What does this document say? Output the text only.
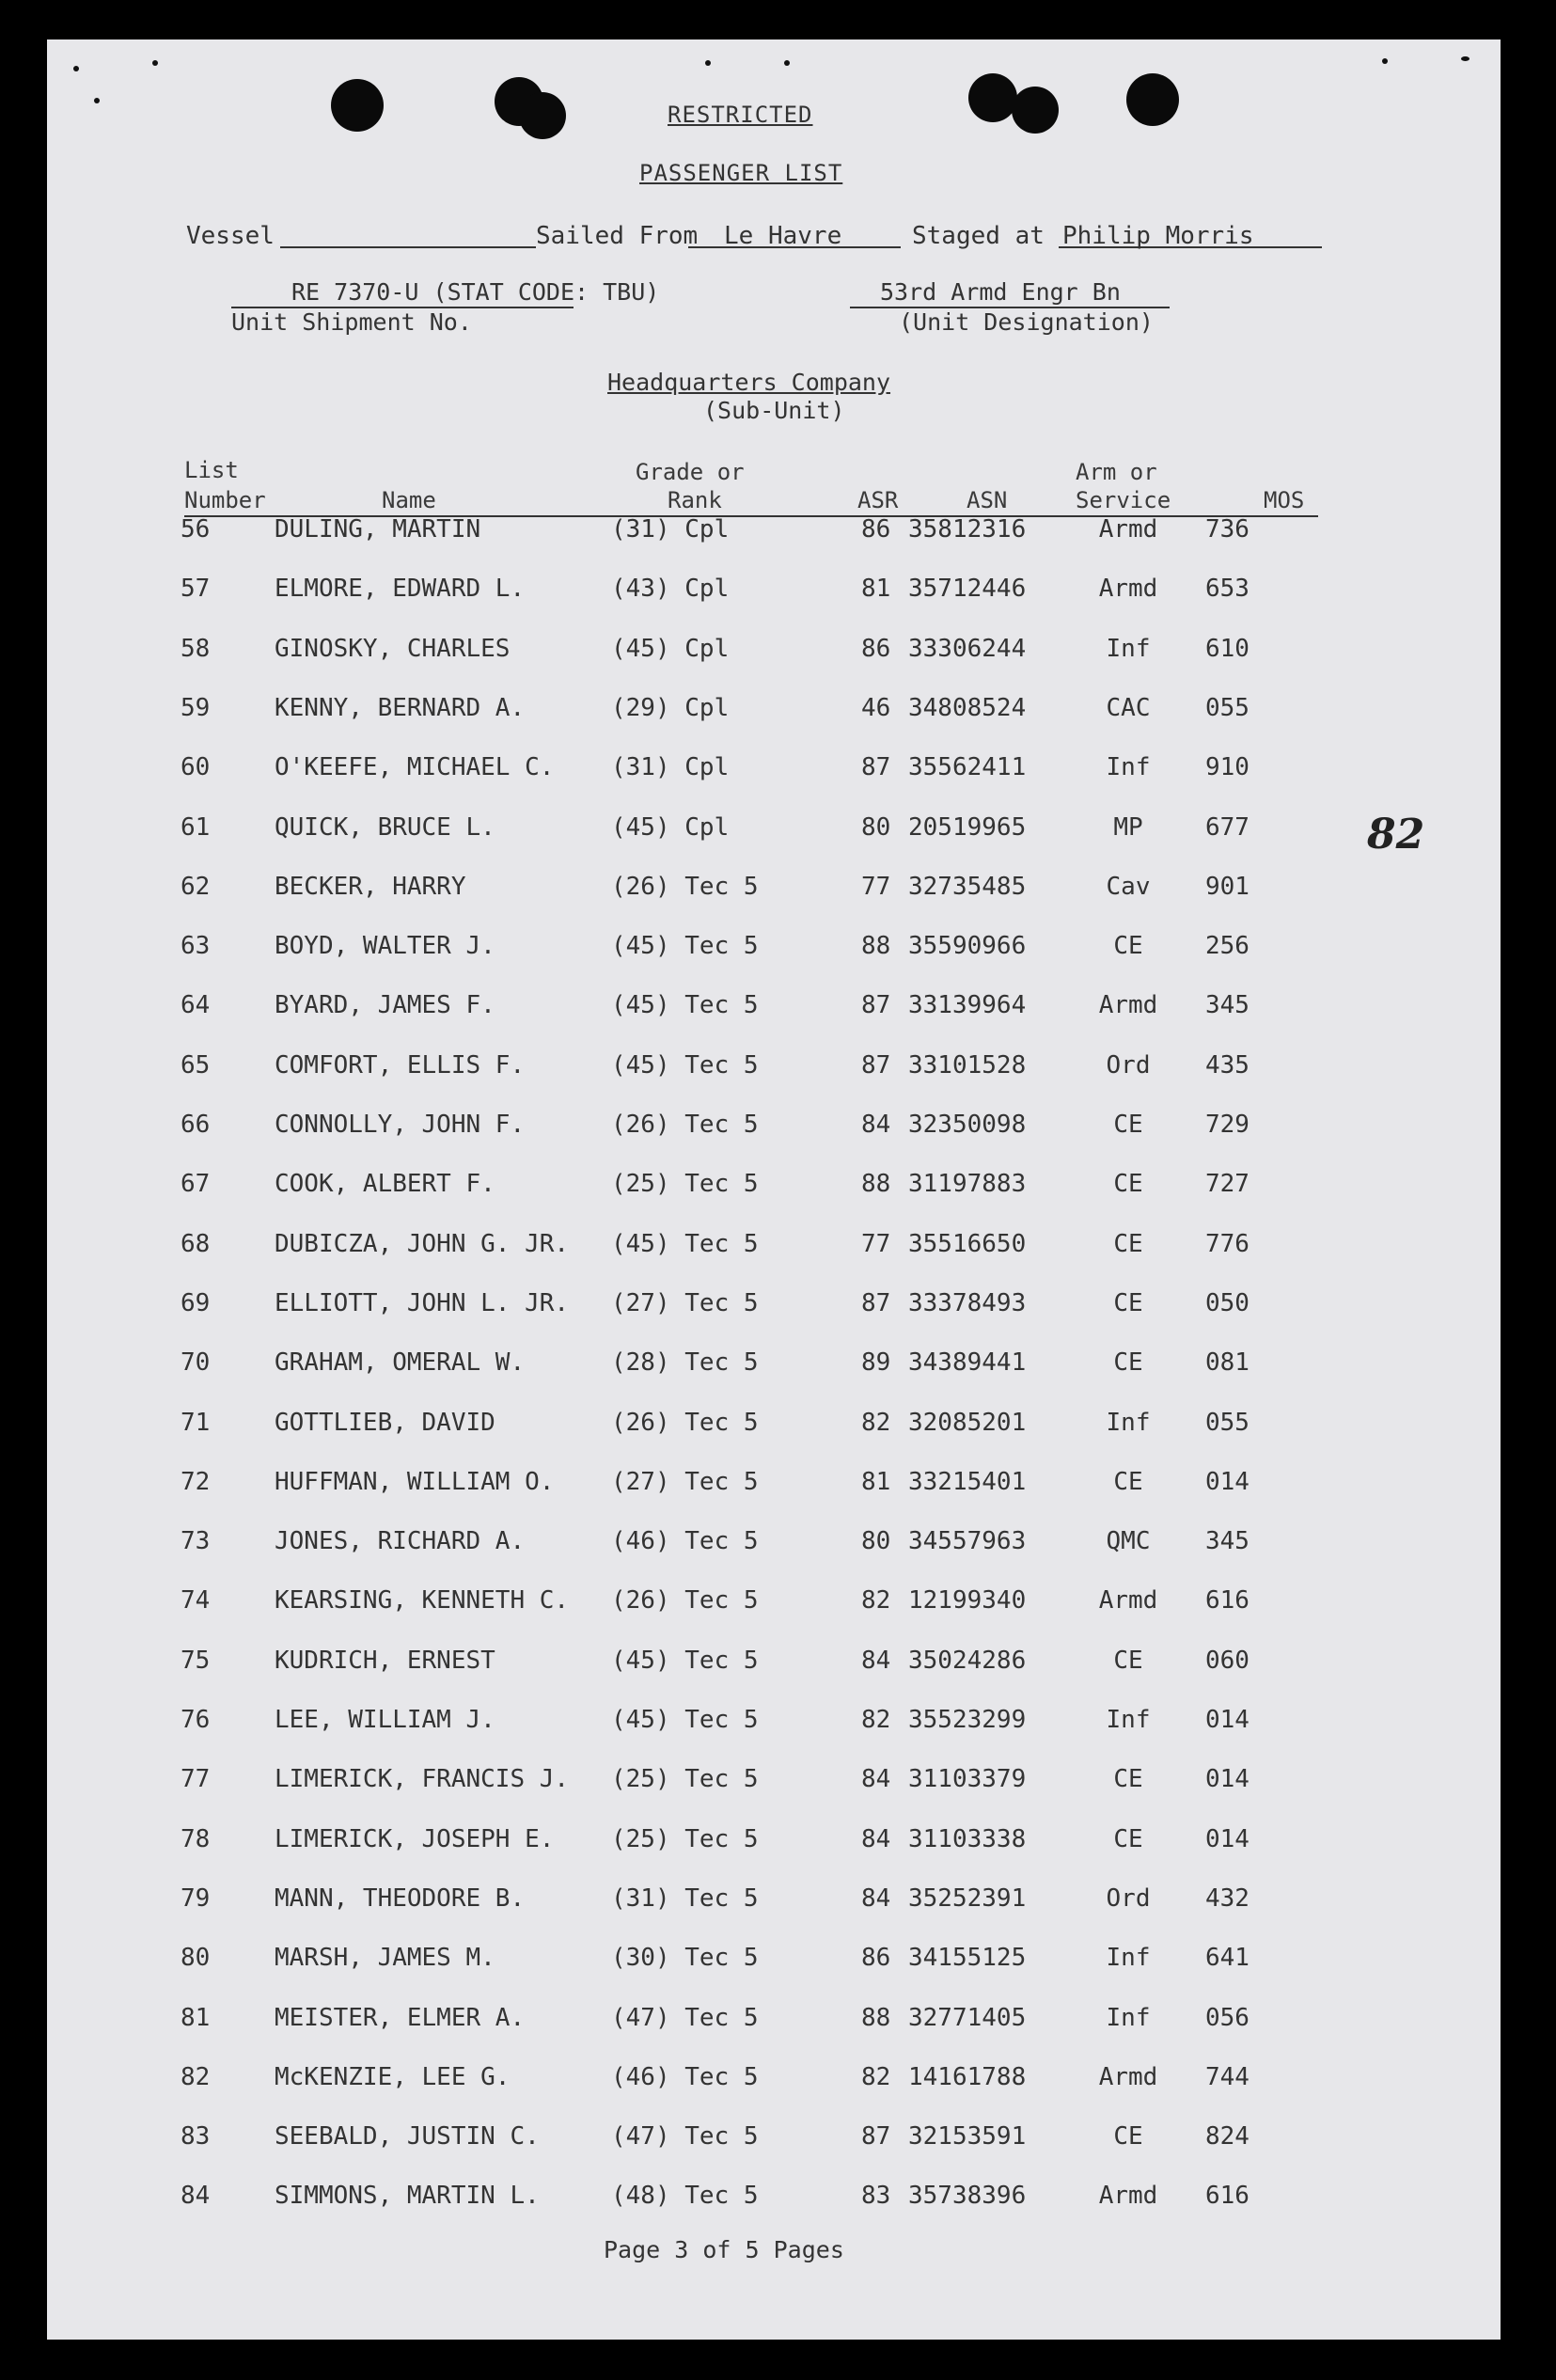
RESTRICTED
PASSENGER LIST
Vessel	Sailed From Le Havre	Staged at Philip Morris
RE 7370-U (STAT CODE: TBU)
Unit Shipment No.
53rd Armd Engr Bn
(Unit Designation)
Headquarters Company
(Sub-Unit)
List
Number	Name
Grade or
Rank	ASR	ASN
Arm or
Service	MOS
56	DULING, MARTIN	(31) Cpl	86 35812316	Armd	736
57	ELMORE, EDWARD L.	(43) Cpl	81 35712446	Armd	653
58	GINOSKY, CHARLES	(45) Cpl	86 33306244	Inf	610
59	KENNY, BERNARD A.	(29) Cpl	46 34808524	CAC	055
60	O'KEEFE, MICHAEL C. (31) Cpl	87 35562411	Inf	910
61	QUICK, BRUCE L.	(45) Cpl	80 20519965	MP	677
62	BECKER, HARRY	(26) Tec 5	77 32735485	Cav	901
63	BOYD, WALTER J.	(45) Tec 5	88 35590966	CE	256
64	BYARD, JAMES F.	(45) Tec 5	87 33139964	Armd	345
65	COMFORT, ELLIS F.	(45) Tec 5	87 33101528	Ord	435
66	CONNOLLY, JOHN F.	(26) Tec 5	84 32350098	CE	729
67	COOK, ALBERT F.	(25) Tec 5	88 31197883	CE	727
68	DUBICZA, JOHN G. JR. (45) Tec 5	77 35516650	CE	776
69	ELLIOTT, JOHN L. JR. (27) Tec 5	87 33378493	CE	050
70	GRAHAM, OMERAL W.	(28) Tec 5	89 34389441	CE	081
71	GOTTLIEB, DAVID	(26) Tec 5	82 32085201	Inf	055
72	HUFFMAN, WILLIAM O. (27) Tec 5	81 33215401	CE	014
73	JONES, RICHARD A.	(46) Tec 5	80 34557963	QMC	345
74	KEARSING, KENNETH C. (26) Tec 5	82 12199340	Armd	616
75	KUDRICH, ERNEST	(45) Tec 5	84 35024286	CE	060
76	LEE, WILLIAM J.	(45) Tec 5	82 35523299	Inf	014
77	LIMERICK, FRANCIS J. (25) Tec 5	84 31103379	CE	014
78	LIMERICK, JOSEPH E. (25) Tec 5	84 31103338	CE	014
79	MANN, THEODORE B.	(31) Tec 5	84 35252391	Ord	432
80	MARSH, JAMES M.	(30) Tec 5	86 34155125	Inf	641
81	MEISTER, ELMER A.	(47) Tec 5	88 32771405	Inf	056
82	McKENZIE, LEE G.	(46) Tec 5	82 14161788	Armd	744
83	SEEBALD, JUSTIN C.	(47) Tec 5	87 32153591	CE	824
84	SIMMONS, MARTIN L.	(48) Tec 5	83 35738396	Armd	616
82
Page 3 of 5 Pages
